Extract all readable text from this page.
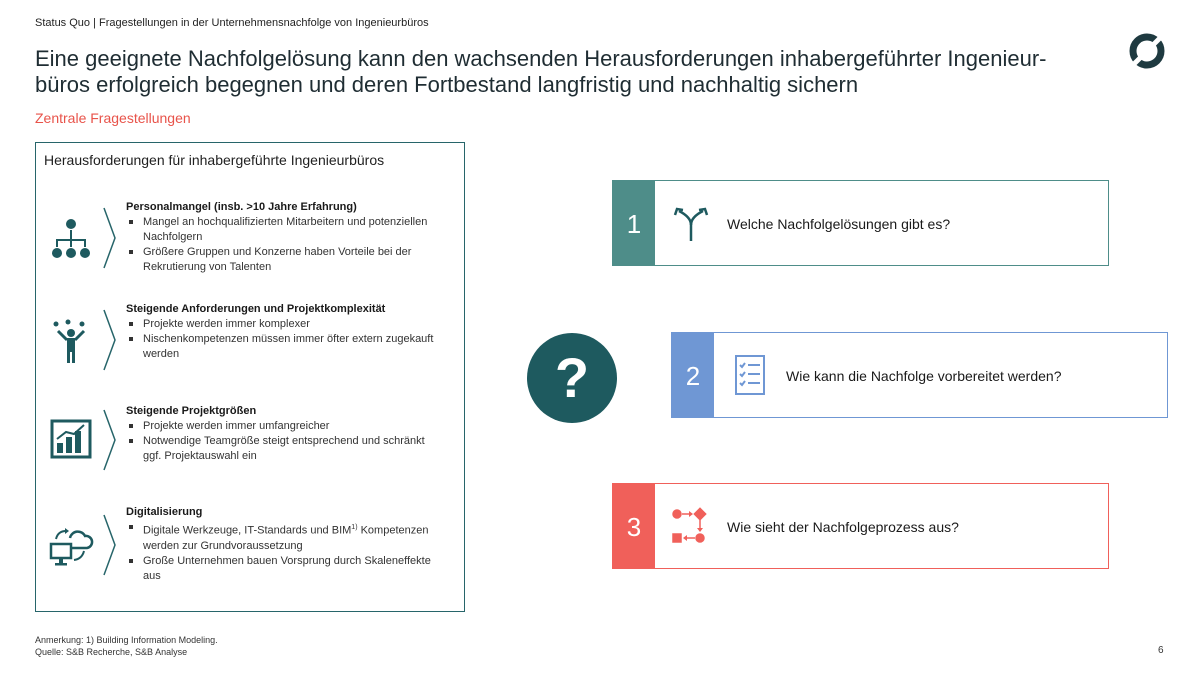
Status Quo | Fragestellungen in der Unternehmensnachfolge von Ingenieurbüros
Eine geeignete Nachfolgelösung kann den wachsenden Herausforderungen inhabergeführter Ingenieur- büros erfolgreich begegnen und deren Fortbestand langfristig und nachhaltig sichern
Zentrale Fragestellungen
Herausforderungen für inhabergeführte Ingenieurbüros
Personalmangel (insb. >10 Jahre Erfahrung)
Mangel an hochqualifizierten Mitarbeitern und potenziellen Nachfolgern
Größere Gruppen und Konzerne haben Vorteile bei der Rekrutierung von Talenten
Steigende Anforderungen und Projektkomplexität
Projekte werden immer komplexer
Nischenkompetenzen müssen immer öfter extern zugekauft werden
Steigende Projektgrößen
Projekte werden immer umfangreicher
Notwendige Teamgröße steigt entsprechend und schränkt ggf. Projektauswahl ein
Digitalisierung
Digitale Werkzeuge, IT-Standards und BIM$^{1)}$ Kompetenzen werden zur Grundvoraussetzung
Große Unternehmen bauen Vorsprung durch Skaleneffekte aus
?
1	Welche Nachfolgelösungen gibt es?
2	Wie kann die Nachfolge vorbereitet werden?
3	Wie sieht der Nachfolgeprozess aus?
Anmerkung: 1) Building Information Modeling.
Quelle: S&B Recherche, S&B Analyse	6
